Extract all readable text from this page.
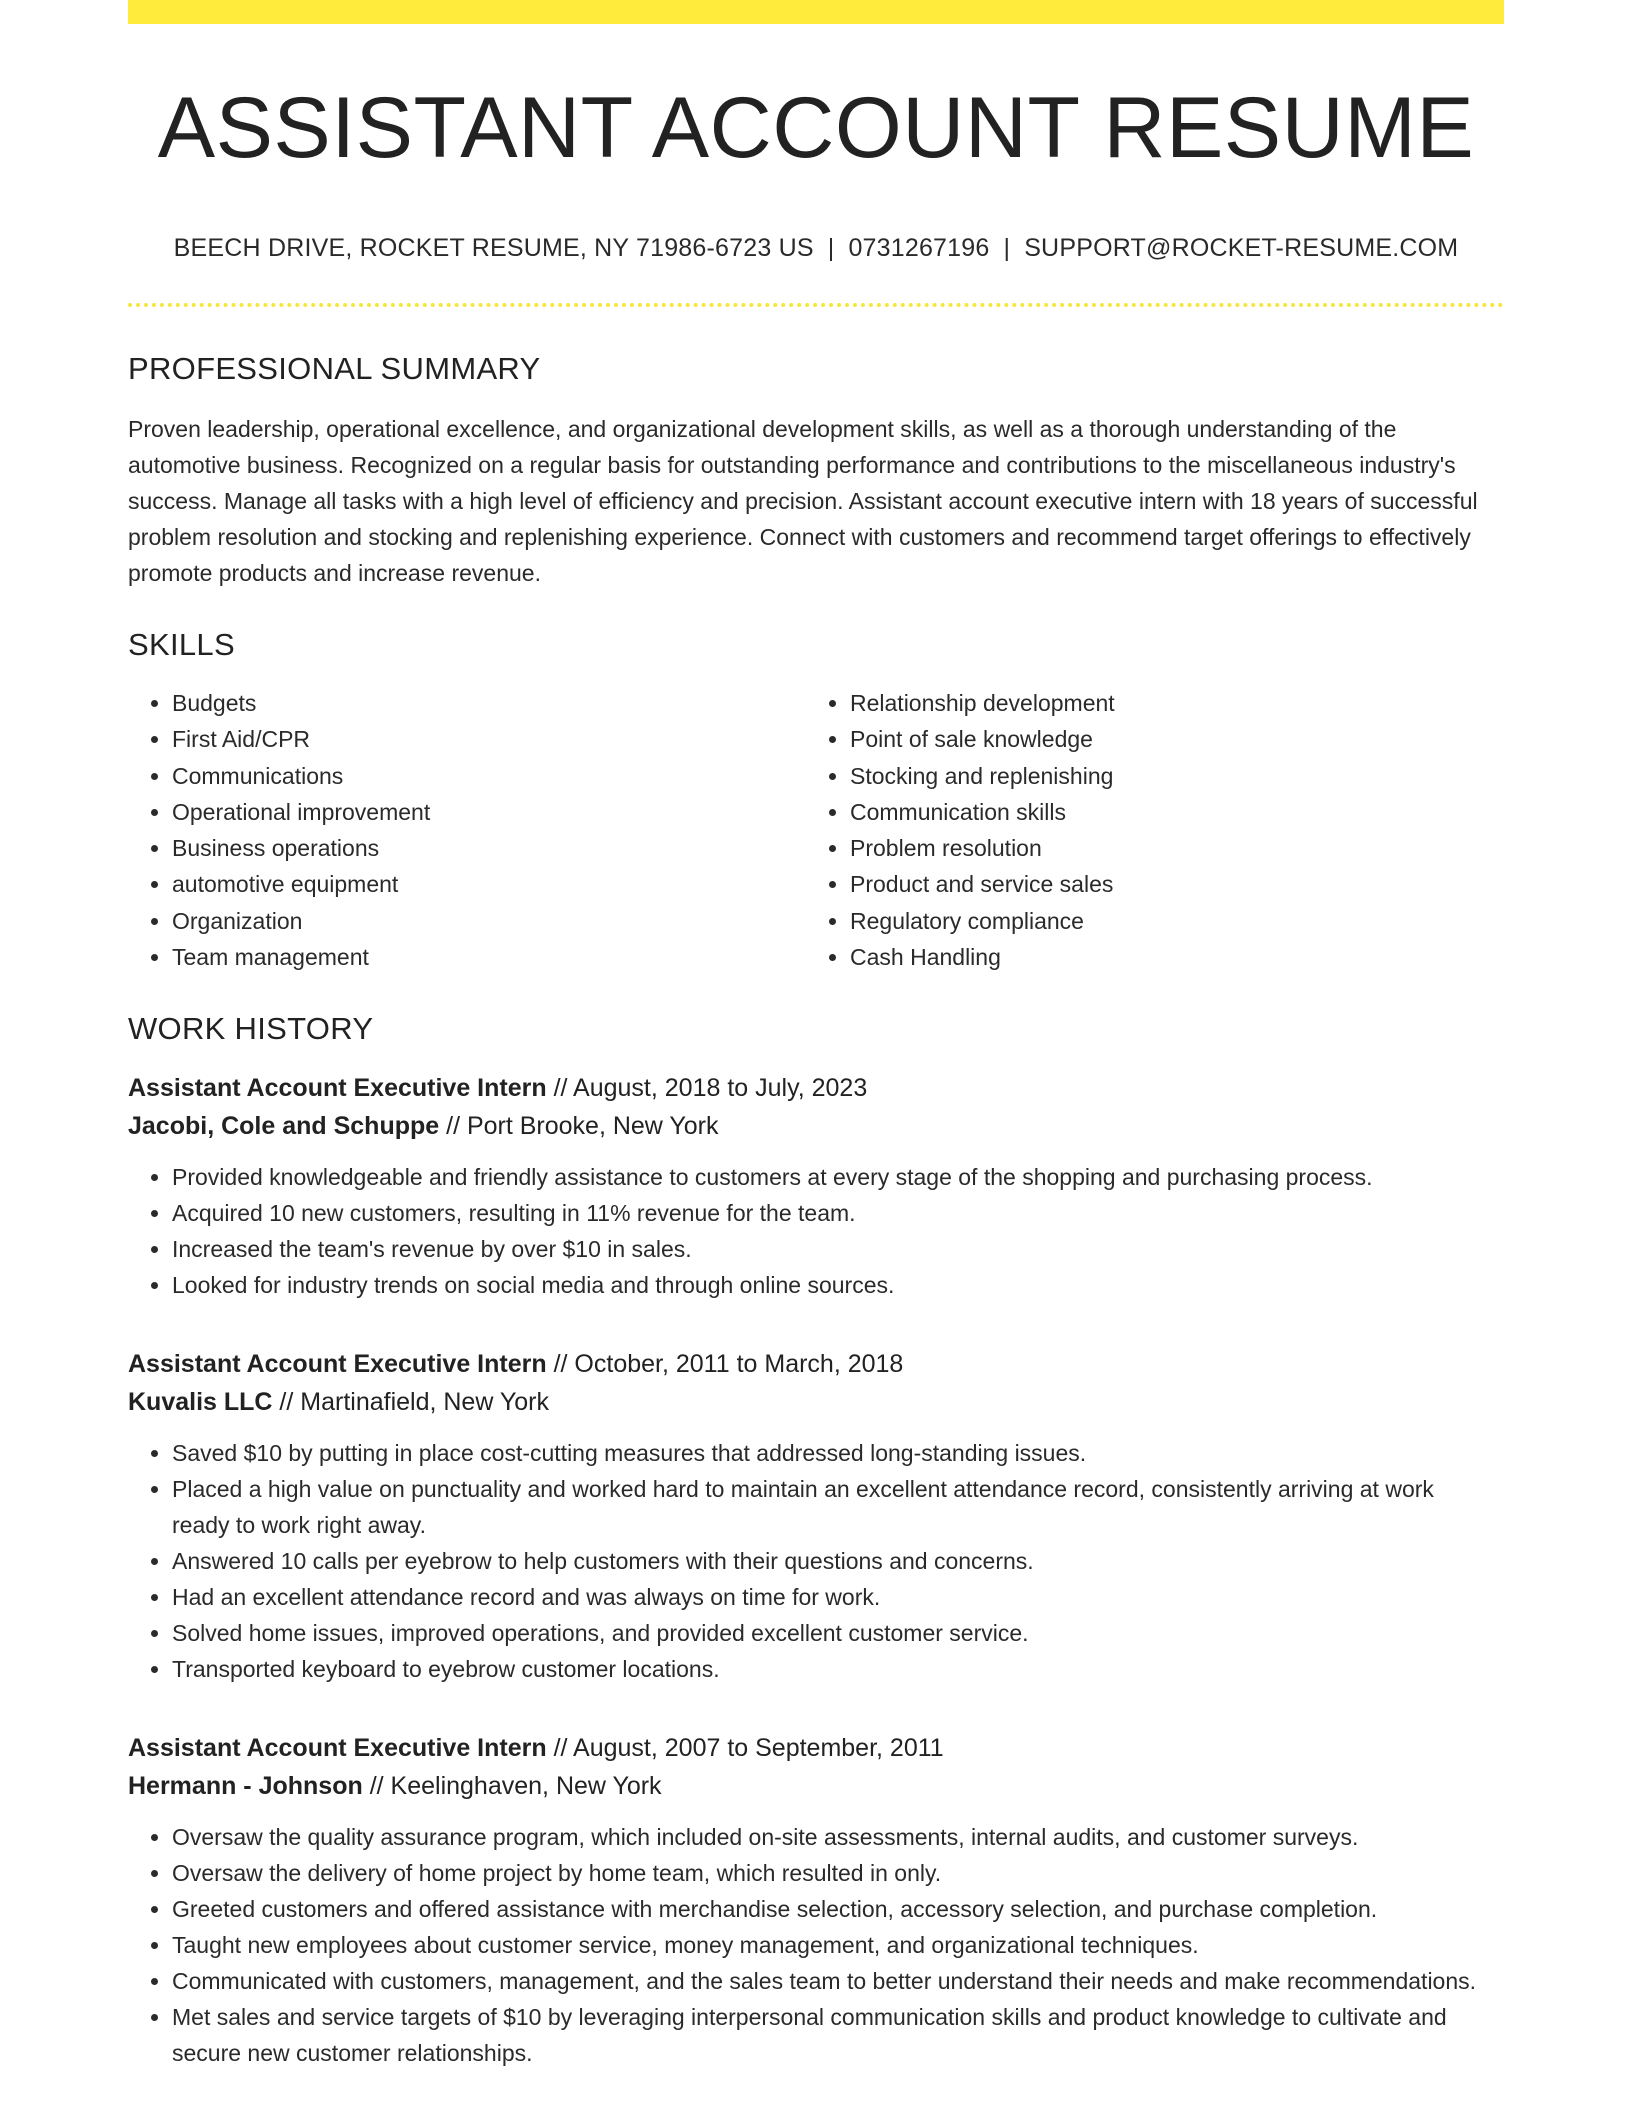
ASSISTANT ACCOUNT RESUME
BEECH DRIVE, ROCKET RESUME, NY 71986-6723 US | 0731267196 | SUPPORT@ROCKET-RESUME.COM
PROFESSIONAL SUMMARY
Proven leadership, operational excellence, and organizational development skills, as well as a thorough understanding of the automotive business. Recognized on a regular basis for outstanding performance and contributions to the miscellaneous industry's success. Manage all tasks with a high level of efficiency and precision. Assistant account executive intern with 18 years of successful problem resolution and stocking and replenishing experience. Connect with customers and recommend target offerings to effectively promote products and increase revenue.
SKILLS
• Budgets
• First Aid/CPR
• Communications
• Operational improvement
• Business operations
• automotive equipment
• Organization
• Team management
• Relationship development
• Point of sale knowledge
• Stocking and replenishing
• Communication skills
• Problem resolution
• Product and service sales
• Regulatory compliance
• Cash Handling
WORK HISTORY
Assistant Account Executive Intern // August, 2018 to July, 2023
Jacobi, Cole and Schuppe // Port Brooke, New York
• Provided knowledgeable and friendly assistance to customers at every stage of the shopping and purchasing process.
• Acquired 10 new customers, resulting in 11% revenue for the team.
• Increased the team's revenue by over $10 in sales.
• Looked for industry trends on social media and through online sources.
Assistant Account Executive Intern // October, 2011 to March, 2018
Kuvalis LLC // Martinafield, New York
• Saved $10 by putting in place cost-cutting measures that addressed long-standing issues.
• Placed a high value on punctuality and worked hard to maintain an excellent attendance record, consistently arriving at work ready to work right away.
• Answered 10 calls per eyebrow to help customers with their questions and concerns.
• Had an excellent attendance record and was always on time for work.
• Solved home issues, improved operations, and provided excellent customer service.
• Transported keyboard to eyebrow customer locations.
Assistant Account Executive Intern // August, 2007 to September, 2011
Hermann - Johnson // Keelinghaven, New York
• Oversaw the quality assurance program, which included on-site assessments, internal audits, and customer surveys.
• Oversaw the delivery of home project by home team, which resulted in only.
• Greeted customers and offered assistance with merchandise selection, accessory selection, and purchase completion.
• Taught new employees about customer service, money management, and organizational techniques.
• Communicated with customers, management, and the sales team to better understand their needs and make recommendations.
• Met sales and service targets of $10 by leveraging interpersonal communication skills and product knowledge to cultivate and secure new customer relationships.
